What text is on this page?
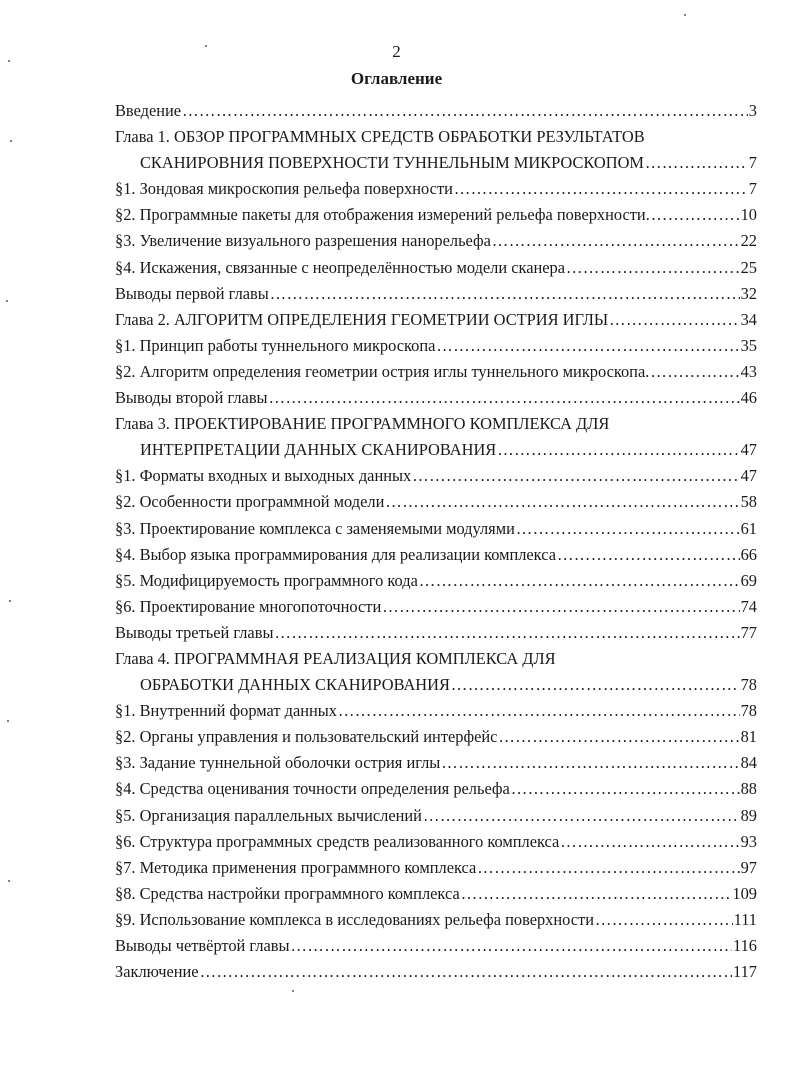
2
Оглавление
Введение ……………………………………………………………………………………………………………………………………………………	3
Глава 1. ОБЗОР ПРОГРАММНЫХ СРЕДСТВ ОБРАБОТКИ РЕЗУЛЬТАТОВ
СКАНИРОВНИЯ ПОВЕРХНОСТИ ТУННЕЛЬНЫМ МИКРОСКОПОМ ……………………………………………………………………………………………………………………………………………………	7
§1. Зондовая микроскопия рельефа поверхности ……………………………………………………………………………………………………………………………………………………	7
§2. Программные пакеты для отображения измерений рельефа поверхности. ……………………………………………………………………………………………………………………………………………………	10
§3. Увеличение визуального разрешения нанорельефа ……………………………………………………………………………………………………………………………………………………	22
§4. Искажения, связанные с неопределённостью модели сканера ……………………………………………………………………………………………………………………………………………………	25
Выводы первой главы ……………………………………………………………………………………………………………………………………………………	32
Глава 2. АЛГОРИТМ ОПРЕДЕЛЕНИЯ ГЕОМЕТРИИ ОСТРИЯ ИГЛЫ ……………………………………………………………………………………………………………………………………………………	34
§1. Принцип работы туннельного микроскопа ……………………………………………………………………………………………………………………………………………………	35
§2. Алгоритм определения геометрии острия иглы туннельного микроскопа. ……………………………………………………………………………………………………………………………………………………	43
Выводы второй главы ……………………………………………………………………………………………………………………………………………………	46
Глава 3. ПРОЕКТИРОВАНИЕ ПРОГРАММНОГО КОМПЛЕКСА ДЛЯ
ИНТЕРПРЕТАЦИИ ДАННЫХ СКАНИРОВАНИЯ ……………………………………………………………………………………………………………………………………………………	47
§1. Форматы входных и выходных данных ……………………………………………………………………………………………………………………………………………………	47
§2. Особенности программной модели ……………………………………………………………………………………………………………………………………………………	58
§3. Проектирование комплекса с заменяемыми модулями ……………………………………………………………………………………………………………………………………………………	61
§4. Выбор языка программирования для реализации комплекса ……………………………………………………………………………………………………………………………………………………	66
§5. Модифицируемость программного кода ……………………………………………………………………………………………………………………………………………………	69
§6. Проектирование многопоточности ……………………………………………………………………………………………………………………………………………………	74
Выводы третьей главы ……………………………………………………………………………………………………………………………………………………	77
Глава 4. ПРОГРАММНАЯ РЕАЛИЗАЦИЯ КОМПЛЕКСА ДЛЯ
ОБРАБОТКИ ДАННЫХ СКАНИРОВАНИЯ ……………………………………………………………………………………………………………………………………………………	78
§1. Внутренний формат данных ……………………………………………………………………………………………………………………………………………………	78
§2. Органы управления и пользовательский интерфейс ……………………………………………………………………………………………………………………………………………………	81
§3. Задание туннельной оболочки острия иглы ……………………………………………………………………………………………………………………………………………………	84
§4. Средства оценивания точности определения рельефа ……………………………………………………………………………………………………………………………………………………	88
§5. Организация параллельных вычислений ……………………………………………………………………………………………………………………………………………………	89
§6. Структура программных средств реализованного комплекса ……………………………………………………………………………………………………………………………………………………	93
§7. Методика применения программного комплекса ……………………………………………………………………………………………………………………………………………………	97
§8. Средства настройки программного комплекса ……………………………………………………………………………………………………………………………………………………	109
§9. Использование комплекса в исследованиях рельефа поверхности ……………………………………………………………………………………………………………………………………………………	111
Выводы четвёртой главы ……………………………………………………………………………………………………………………………………………………	116
Заключение ……………………………………………………………………………………………………………………………………………………	117
